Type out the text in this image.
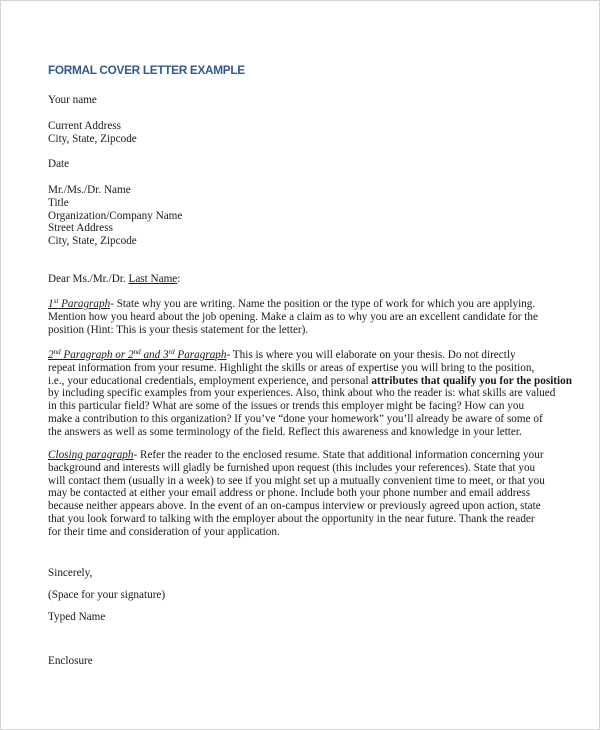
FORMAL COVER LETTER EXAMPLE
Your name
Current Address
City, State, Zipcode
Date
Mr./Ms./Dr. Name
Title
Organization/Company Name
Street Address
City, State, Zipcode
Dear Ms./Mr./Dr. Last Name:
1st Paragraph- State why you are writing. Name the position or the type of work for which you are applying.
Mention how you heard about the job opening. Make a claim as to why you are an excellent candidate for the
position (Hint: This is your thesis statement for the letter).
2nd Paragraph or 2nd and 3rd Paragraph- This is where you will elaborate on your thesis. Do not directly
repeat information from your resume. Highlight the skills or areas of expertise you will bring to the position,
i.e., your educational credentials, employment experience, and personal attributes that qualify you for the position
by including specific examples from your experiences. Also, think about who the reader is: what skills are valued
in this particular field? What are some of the issues or trends this employer might be facing? How can you
make a contribution to this organization? If you’ve “done your homework” you’ll already be aware of some of
the answers as well as some terminology of the field. Reflect this awareness and knowledge in your letter.
Closing paragraph- Refer the reader to the enclosed resume. State that additional information concerning your
background and interests will gladly be furnished upon request (this includes your references). State that you
will contact them (usually in a week) to see if you might set up a mutually convenient time to meet, or that you
may be contacted at either your email address or phone. Include both your phone number and email address
because neither appears above. In the event of an on-campus interview or previously agreed upon action, state
that you look forward to talking with the employer about the opportunity in the near future. Thank the reader
for their time and consideration of your application.
Sincerely,
(Space for your signature)
Typed Name
Enclosure
